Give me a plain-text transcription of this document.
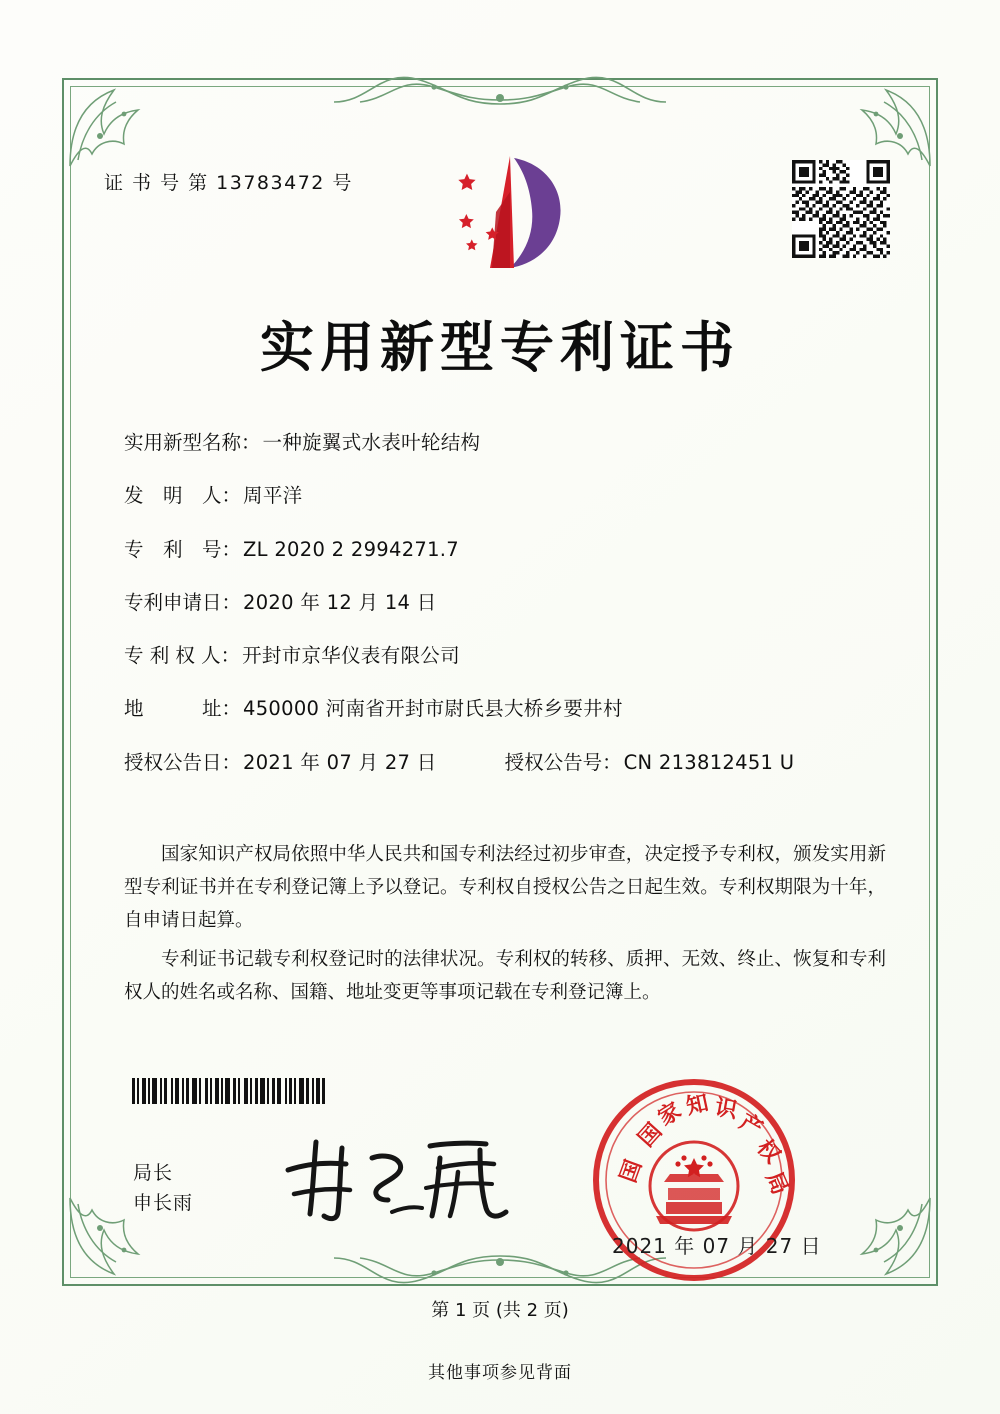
证 书 号 第 13783472 号
实用新型专利证书
实用新型名称： 一种旋翼式水表叶轮结构
发　明　人： 周平洋
专　利　号： ZL 2020 2 2994271.7
专利申请日： 2020 年 12 月 14 日
专 利 权 人： 开封市京华仪表有限公司
地　　　址： 450000 河南省开封市尉氏县大桥乡要井村
授权公告日： 2021 年 07 月 27 日	授权公告号： CN 213812451 U

国家知识产权局依照中华人民共和国专利法经过初步审查，决定授予专利权，颁发实用新型专利证书并在专利登记簿上予以登记。专利权自授权公告之日起生效。专利权期限为十年，自申请日起算。

专利证书记载专利权登记时的法律状况。专利权的转移、质押、无效、终止、恢复和专利权人的姓名或名称、国籍、地址变更等事项记载在专利登记簿上。

局长
申长雨
国
家
知 识
产
权
局
国
2021 年 07 月 27 日
第 1 页 (共 2 页)
其他事项参见背面
